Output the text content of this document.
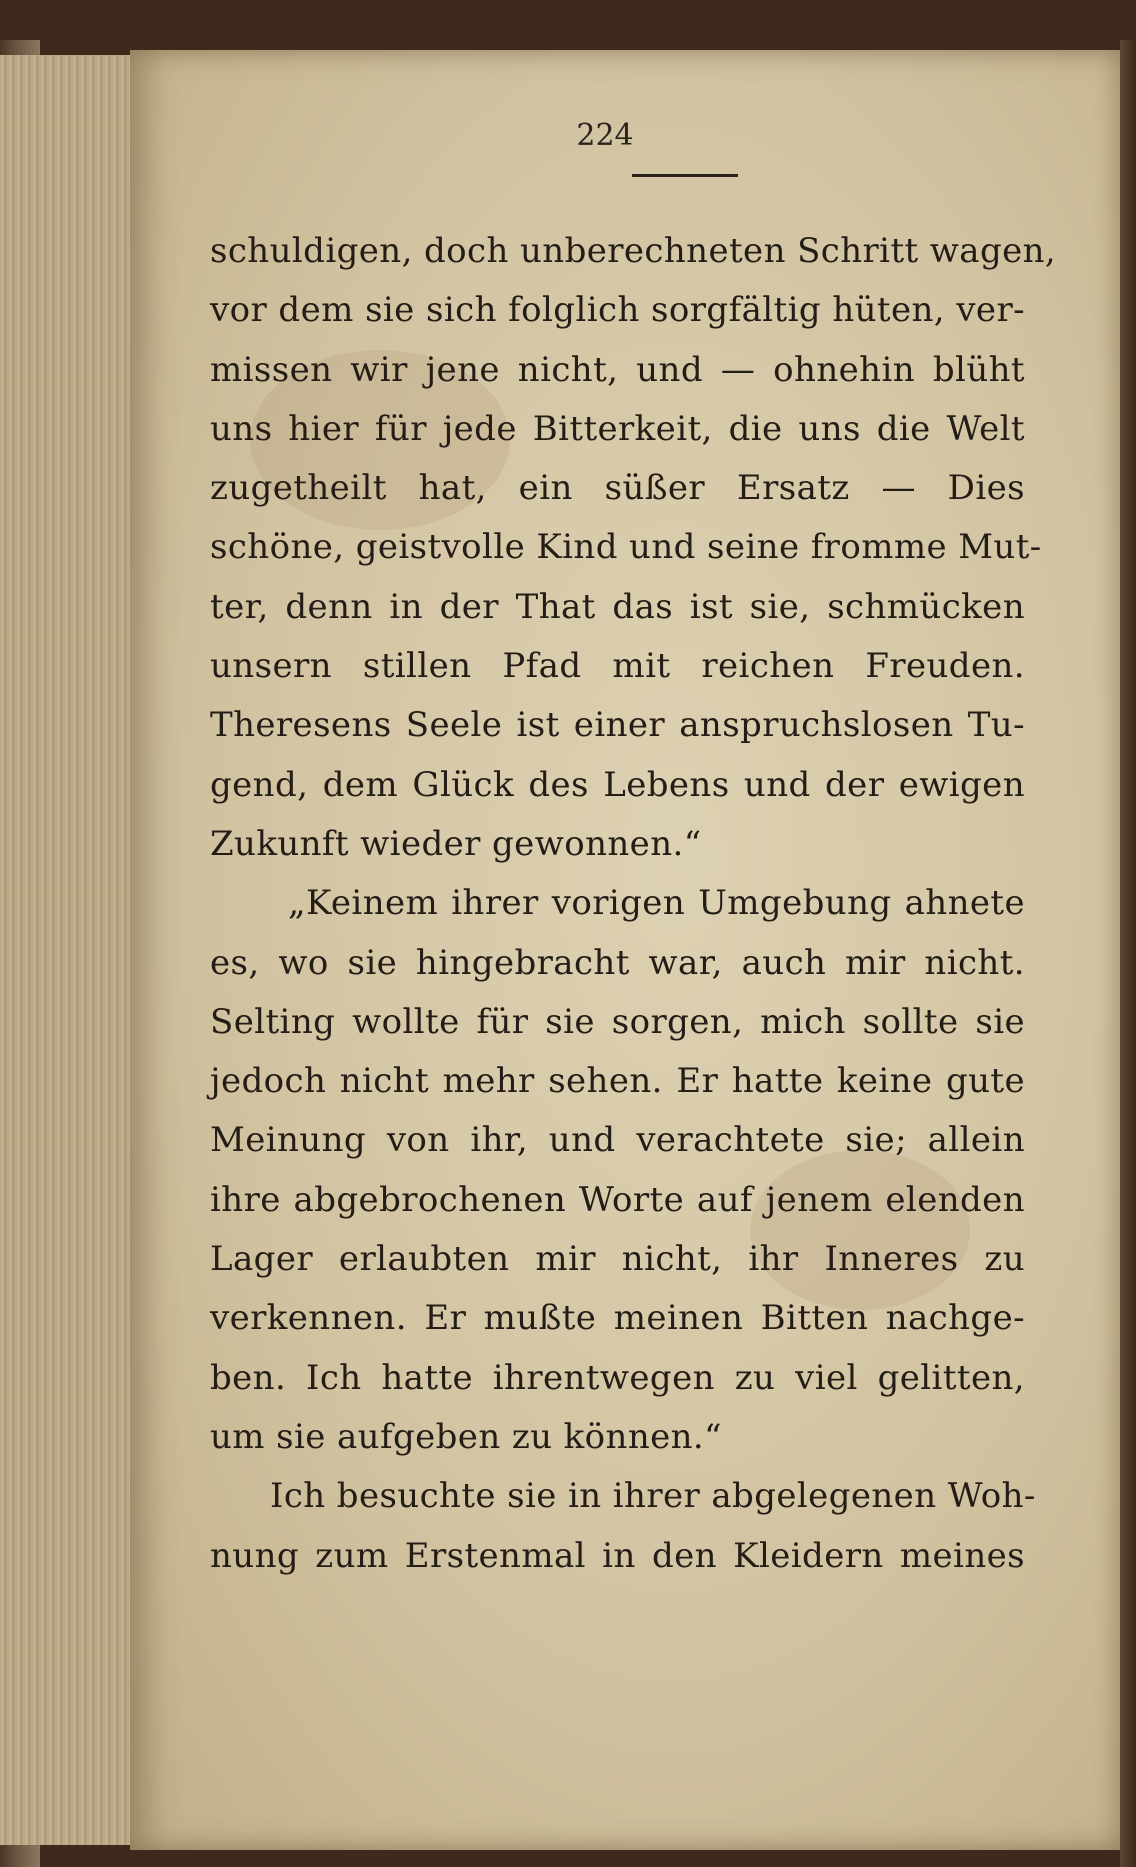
224
schuldigen, doch unberechneten Schritt wagen,
vor dem sie sich folglich sorgfältig hüten, ver-
missen wir jene nicht, und — ohnehin blüht
uns hier für jede Bitterkeit, die uns die Welt
zugetheilt hat, ein süßer Ersatz — Dies
schöne, geistvolle Kind und seine fromme Mut-
ter, denn in der That das ist sie, schmücken
unsern stillen Pfad mit reichen Freuden.
Theresens Seele ist einer anspruchslosen Tu-
gend, dem Glück des Lebens und der ewigen
Zukunft wieder gewonnen.“
„Keinem ihrer vorigen Umgebung ahnete
es, wo sie hingebracht war, auch mir nicht.
Selting wollte für sie sorgen, mich sollte sie
jedoch nicht mehr sehen. Er hatte keine gute
Meinung von ihr, und verachtete sie; allein
ihre abgebrochenen Worte auf jenem elenden
Lager erlaubten mir nicht, ihr Inneres zu
verkennen. Er mußte meinen Bitten nachge-
ben. Ich hatte ihrentwegen zu viel gelitten,
um sie aufgeben zu können.“
Ich besuchte sie in ihrer abgelegenen Woh-
nung zum Erstenmal in den Kleidern meines
